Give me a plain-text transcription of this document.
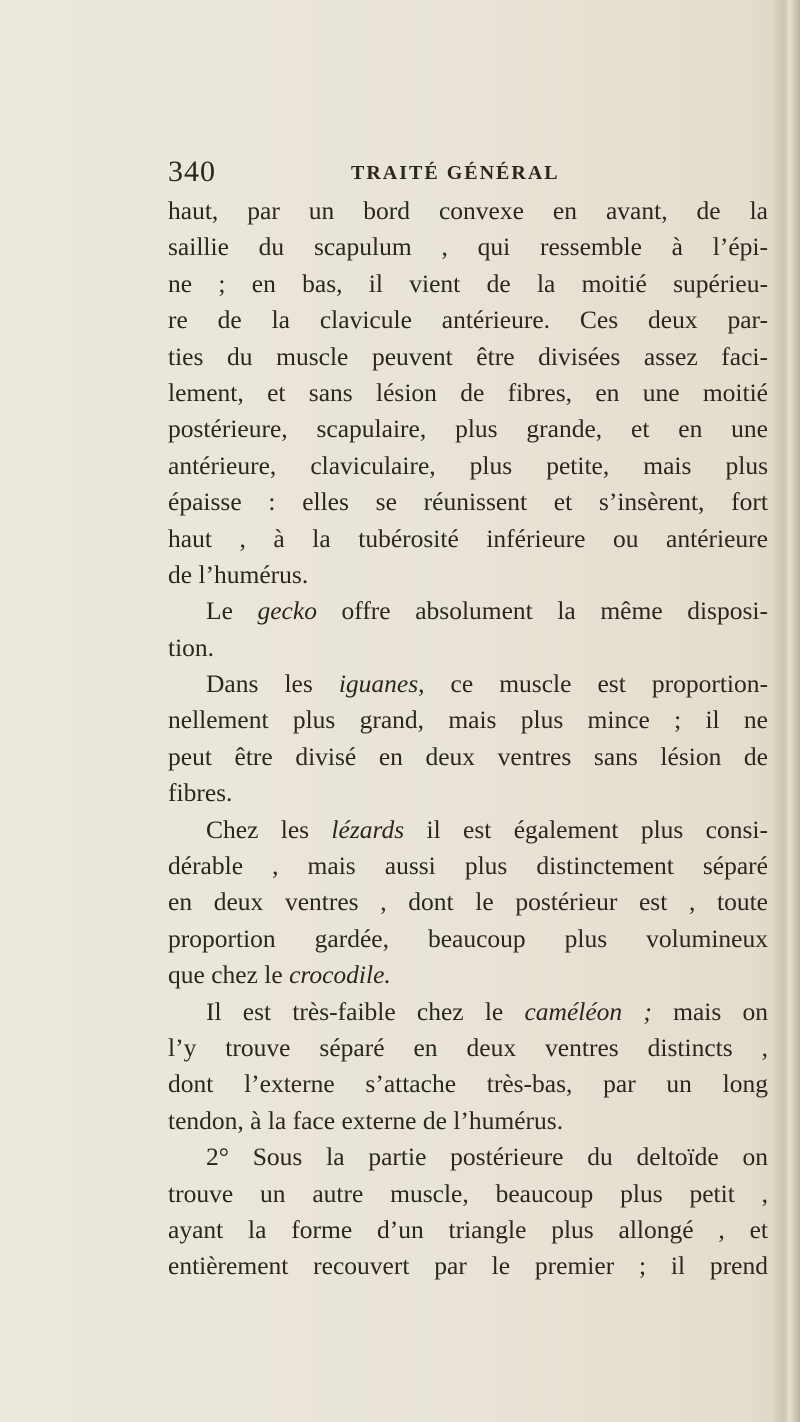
340	TRAITÉ GÉNÉRAL
haut, par un bord convexe en avant, de la
saillie du scapulum , qui ressemble à l’épi-
ne ; en bas, il vient de la moitié supérieu-
re de la clavicule antérieure. Ces deux par-
ties du muscle peuvent être divisées assez faci-
lement, et sans lésion de fibres, en une moitié
postérieure, scapulaire, plus grande, et en une
antérieure, claviculaire, plus petite, mais plus
épaisse : elles se réunissent et s’insèrent, fort
haut , à la tubérosité inférieure ou antérieure
de l’humérus.
Le gecko offre absolument la même disposi-
tion.
Dans les iguanes, ce muscle est proportion-
nellement plus grand, mais plus mince ; il ne
peut être divisé en deux ventres sans lésion de
fibres.
Chez les lézards il est également plus consi-
dérable , mais aussi plus distinctement séparé
en deux ventres , dont le postérieur est , toute
proportion gardée, beaucoup plus volumineux
que chez le crocodile.
Il est très-faible chez le caméléon ; mais on
l’y trouve séparé en deux ventres distincts ,
dont l’externe s’attache très-bas, par un long
tendon, à la face externe de l’humérus.
2° Sous la partie postérieure du deltoïde on
trouve un autre muscle, beaucoup plus petit ,
ayant la forme d’un triangle plus allongé , et
entièrement recouvert par le premier ; il prend
